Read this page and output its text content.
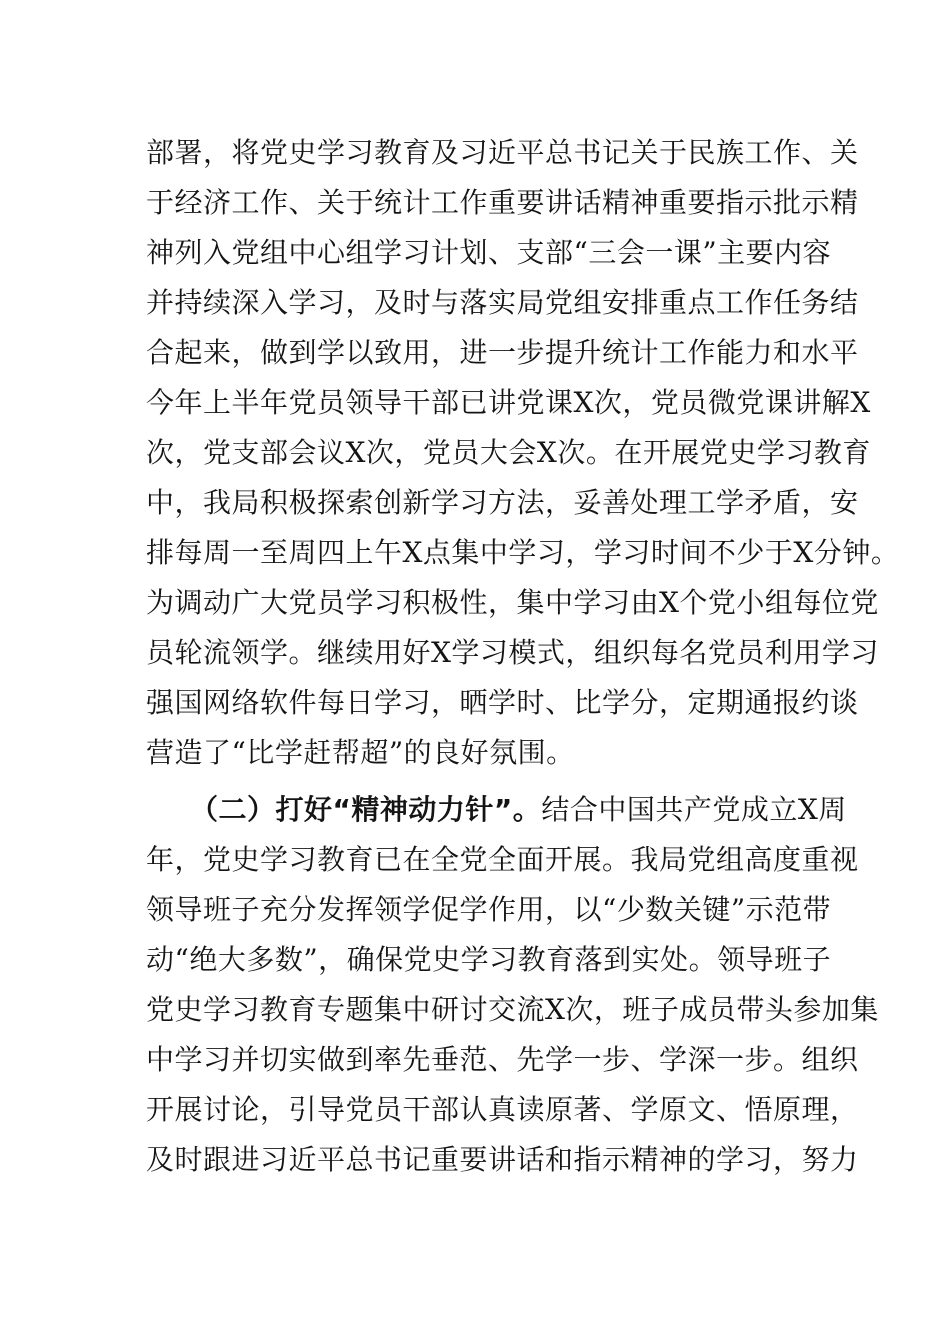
部署，将党史学习教育及习近平总书记关于民族工作、关
于经济工作、关于统计工作重要讲话精神重要指示批示精
神列入党组中心组学习计划、支部“三会一课”主要内容
并持续深入学习，及时与落实局党组安排重点工作任务结
合起来，做到学以致用，进一步提升统计工作能力和水平
今年上半年党员领导干部已讲党课X次，党员微党课讲解X
次，党支部会议X次，党员大会X次。在开展党史学习教育
中，我局积极探索创新学习方法，妥善处理工学矛盾，安
排每周一至周四上午X点集中学习，学习时间不少于X分钟。
为调动广大党员学习积极性，集中学习由X个党小组每位党
员轮流领学。继续用好X学习模式，组织每名党员利用学习
强国网络软件每日学习，晒学时、比学分，定期通报约谈
营造了“比学赶帮超”的良好氛围。
（二）打好“精神动力针”。结合中国共产党成立X周
年，党史学习教育已在全党全面开展。我局党组高度重视
领导班子充分发挥领学促学作用，以“少数关键”示范带
动“绝大多数”，确保党史学习教育落到实处。领导班子
党史学习教育专题集中研讨交流X次，班子成员带头参加集
中学习并切实做到率先垂范、先学一步、学深一步。组织
开展讨论，引导党员干部认真读原著、学原文、悟原理，
及时跟进习近平总书记重要讲话和指示精神的学习，努力
